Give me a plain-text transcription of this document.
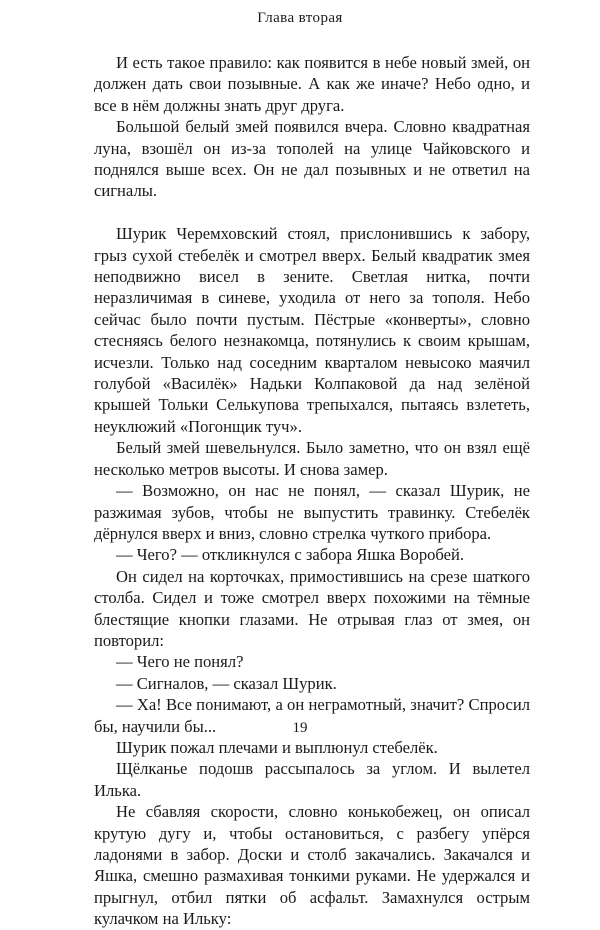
Глава вторая

И есть такое правило: как появится в небе новый змей, он должен дать свои позывные. А как же иначе? Небо одно, и все в нём должны знать друг друга.

Большой белый змей появился вчера. Словно квадратная луна, взошёл он из-за тополей на улице Чайковского и поднялся выше всех. Он не дал позывных и не ответил на сигналы.

Шурик Черемховский стоял, прислонившись к забору, грыз сухой стебелёк и смотрел вверх. Белый квадратик змея неподвижно висел в зените. Светлая нитка, почти неразличимая в синеве, уходила от него за тополя. Небо сейчас было почти пустым. Пёстрые «конверты», словно стесняясь белого незнакомца, потянулись к своим крышам, исчезли. Только над соседним кварталом невысоко маячил голубой «Василёк» Надьки Колпаковой да над зелёной крышей Тольки Селькупова трепыхался, пытаясь взлететь, неуклюжий «Погонщик туч».

Белый змей шевельнулся. Было заметно, что он взял ещё несколько метров высоты. И снова замер.

— Возможно, он нас не понял, — сказал Шурик, не разжимая зубов, чтобы не выпустить травинку. Стебелёк дёрнулся вверх и вниз, словно стрелка чуткого прибора.

— Чего? — откликнулся с забора Яшка Воробей.

Он сидел на корточках, примостившись на срезе шаткого столба. Сидел и тоже смотрел вверх похожими на тёмные блестящие кнопки глазами. Не отрывая глаз от змея, он повторил:

— Чего не понял?

— Сигналов, — сказал Шурик.

— Ха! Все понимают, а он неграмотный, значит? Спросил бы, научили бы...

Шурик пожал плечами и выплюнул стебелёк.

Щёлканье подошв рассыпалось за углом. И вылетел Илька.

Не сбавляя скорости, словно конькобежец, он описал крутую дугу и, чтобы остановиться, с разбегу упёрся ладонями в забор. Доски и столб закачались. Закачался и Яшка, смешно размахивая тонкими руками. Не удержался и прыгнул, отбил пятки об асфальт. Замахнулся острым кулачком на Ильку:

19
